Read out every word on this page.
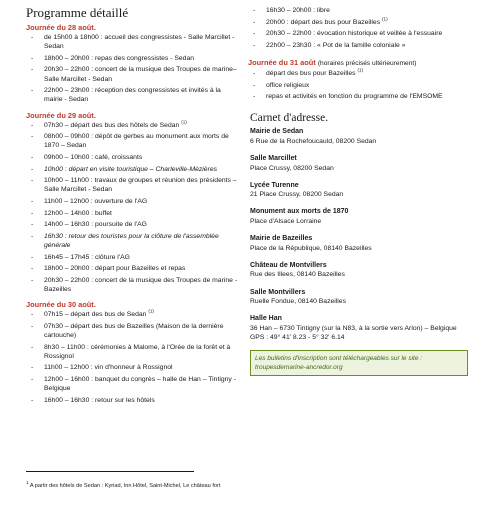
Programme détaillé
Journée du 28 août.
- de 15h00 à 18h00 : accueil des congressistes - Salle Marcillet - Sedan
- 18h00 – 20h00 : repas des congressistes - Sedan
- 20h30 – 22h00 : concert de la musique des Troupes de marine– Salle Marcillet - Sedan
- 22h00 – 23h00 : réception des congressistes et invités à la mairie - Sedan
Journée du 29 août.
- 07h30 – départ des bus des hôtels de Sedan $^{(1)}$
- 08h00 – 09h00 : dépôt de gerbes au monument aux morts de 1870 – Sedan
- 09h00 – 10h00 : café, croissants
- 10h00 : départ en visite touristique – Charleville-Mézières
- 10h00 – 11h00 : travaux de groupes et réunion des présidents – Salle Marcillet - Sedan
- 11h00 – 12h00 : ouverture de l'AG
- 12h00 – 14h00 : buffet
- 14h00 – 16h30 : poursuite de l'AG
- 16h30 : retour des touristes pour la clôture de l'assemblée générale
- 16h45 – 17h45 : clôture l'AG
- 18h00 – 20h00 : départ pour Bazeilles et repas
- 20h30 – 22h00 : concert de la musique des Troupes de marine - Bazeilles
Journée du 30 août.
- 07h15 – départ des bus de Sedan $^{(1)}$
- 07h30 – départ des bus de Bazeilles (Maison de la dernière cartouche)
- 8h30 – 11h00 : cérémonies à Malome, à l'Orée de la forêt et à Rossignol
- 11h00 – 12h00 : vin d'honneur à Rossignol
- 12h00 – 16h00 : banquet du congrès – halle de Han – Tintigny - Belgique
- 16h00 – 16h30 : retour sur les hôtels
- 16h30 – 20h00 : libre
- 20h00 : départ des bus pour Bazeilles $^{(1)}$
- 20h30 – 22h00 : évocation historique et veillée à l'essuaire
- 22h00 – 23h30 : « Pot de la famille coloniale »
Journée du 31 août (horaires précisés ultérieurement)
- départ des bus pour Bazeilles $^{(1)}$
- office religieux
- repas et activités en fonction du programme de l'EMSOME
Carnet d'adresse.
Mairie de Sedan
6 Rue de la Rochefoucauld, 08200 Sedan
Salle Marcillet
Place Crussy, 08200 Sedan
Lycée Turenne
21 Place Crussy, 08200 Sedan
Monument aux morts de 1870
Place d'Alsace Lorraine
Mairie de Bazeilles
Place de la République, 08140 Bazeilles
Château de Montvillers
Rue des Illees, 08140 Bazeilles
Salle Montvillers
Ruelle Fondue, 08140 Bazeilles
Halle Han
36 Han – 6730 Tintigny (sur la N83, à la sortie vers Arlon) – Belgique
GPS : 49° 41' 8.23 - 5° 32' 6.14
Les bulletins d'inscription sont téléchargeables sur le site : troupesdemarine-ancredor.org
$^1$ A partir des hôtels de Sedan : Kyriad, Inn Hôtel, Saint-Michel, Le château fort
